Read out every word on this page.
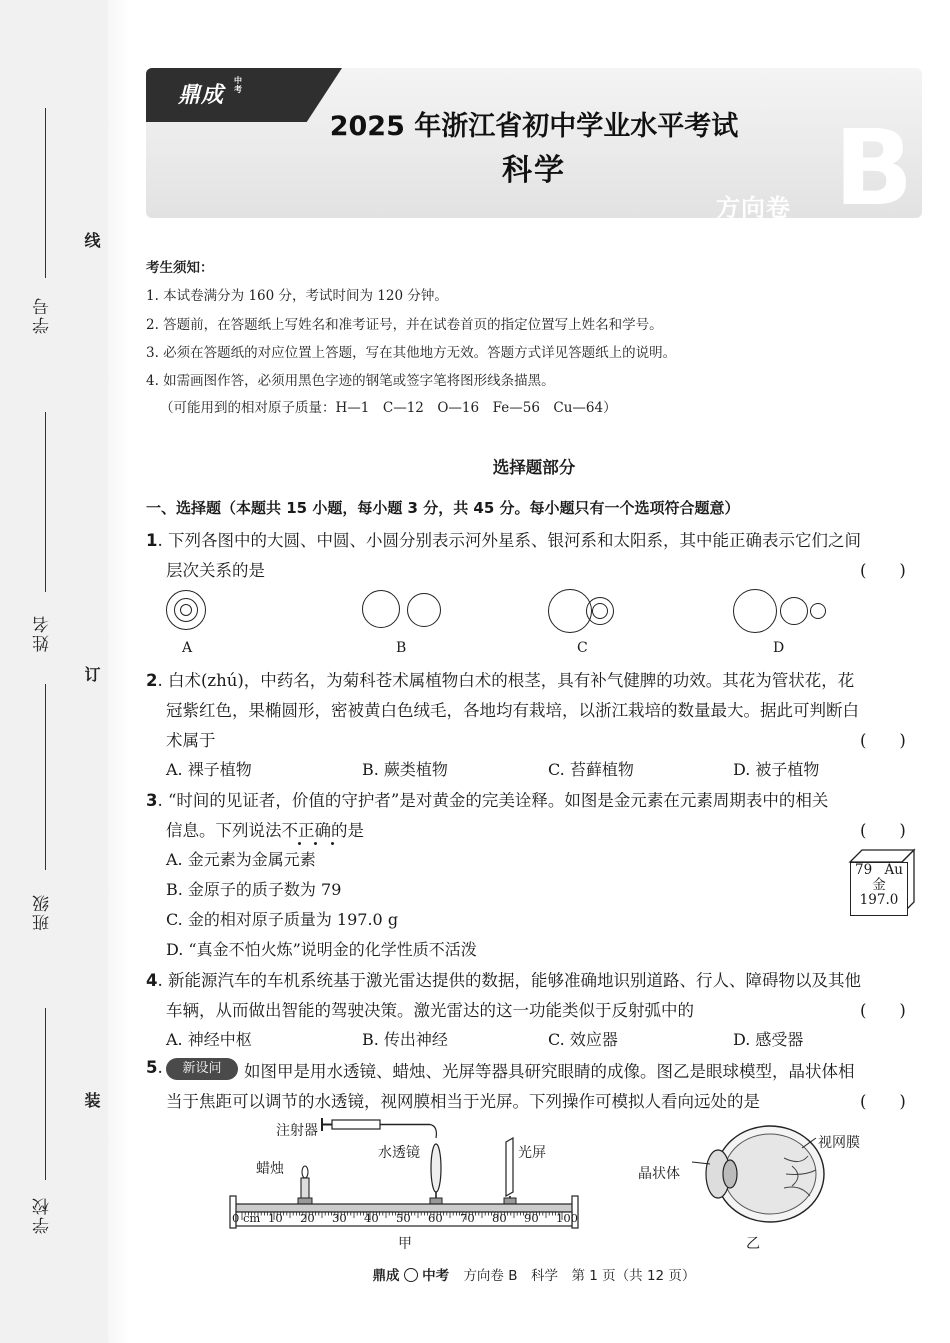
学校
班级
姓名
学号
线
订
装
鼎成
中考
2025 年浙江省初中学业水平考试
科学	B
方向卷
考生须知：
1. 本试卷满分为 160 分，考试时间为 120 分钟。
2. 答题前，在答题纸上写姓名和准考证号，并在试卷首页的指定位置写上姓名和学号。
3. 必须在答题纸的对应位置上答题，写在其他地方无效。答题方式详见答题纸上的说明。
4. 如需画图作答，必须用黑色字迹的钢笔或签字笔将图形线条描黑。
（可能用到的相对原子质量：H—1　C—12　O—16　Fe—56　Cu—64）
选择题部分
一、选择题（本题共 15 小题，每小题 3 分，共 45 分。每小题只有一个选项符合题意）
1. 下列各图中的大圆、中圆、小圆分别表示河外星系、银河系和太阳系，其中能正确表示它们之间
层次关系的是	(　　)
A	B	C	D
2. 白术(zhú)，中药名，为菊科苍术属植物白术的根茎，具有补气健脾的功效。其花为管状花，花
冠紫红色，果椭圆形，密被黄白色绒毛，各地均有栽培，以浙江栽培的数量最大。据此可判断白
术属于	(　　)
A. 裸子植物	B. 蕨类植物	C. 苔藓植物	D. 被子植物
3. “时间的见证者，价值的守护者”是对黄金的完美诠释。如图是金元素在元素周期表中的相关
信息。下列说法不正确的是	(　　)
A. 金元素为金属元素
B. 金原子的质子数为 79
C. 金的相对原子质量为 197.0 g
D. “真金不怕火炼”说明金的化学性质不活泼
79 Au
金
197.0
4. 新能源汽车的车机系统基于激光雷达提供的数据，能够准确地识别道路、行人、障碍物以及其他
车辆，从而做出智能的驾驶决策。激光雷达的这一功能类似于反射弧中的	(　　)
A. 神经中枢	B. 传出神经	C. 效应器	D. 感受器
5.	新设问	如图甲是用水透镜、蜡烛、光屏等器具研究眼睛的成像。图乙是眼球模型，晶状体相
当于焦距可以调节的水透镜，视网膜相当于光屏。下列操作可模拟人看向远处的是	(　　)
注射器
蜡烛
水透镜	光屏
0 cm 10 20 30 40 50 60 70 80 90 100
甲
视网膜
晶状体
乙
鼎成 中考 方向卷 B　科学　第 1 页（共 12 页）
